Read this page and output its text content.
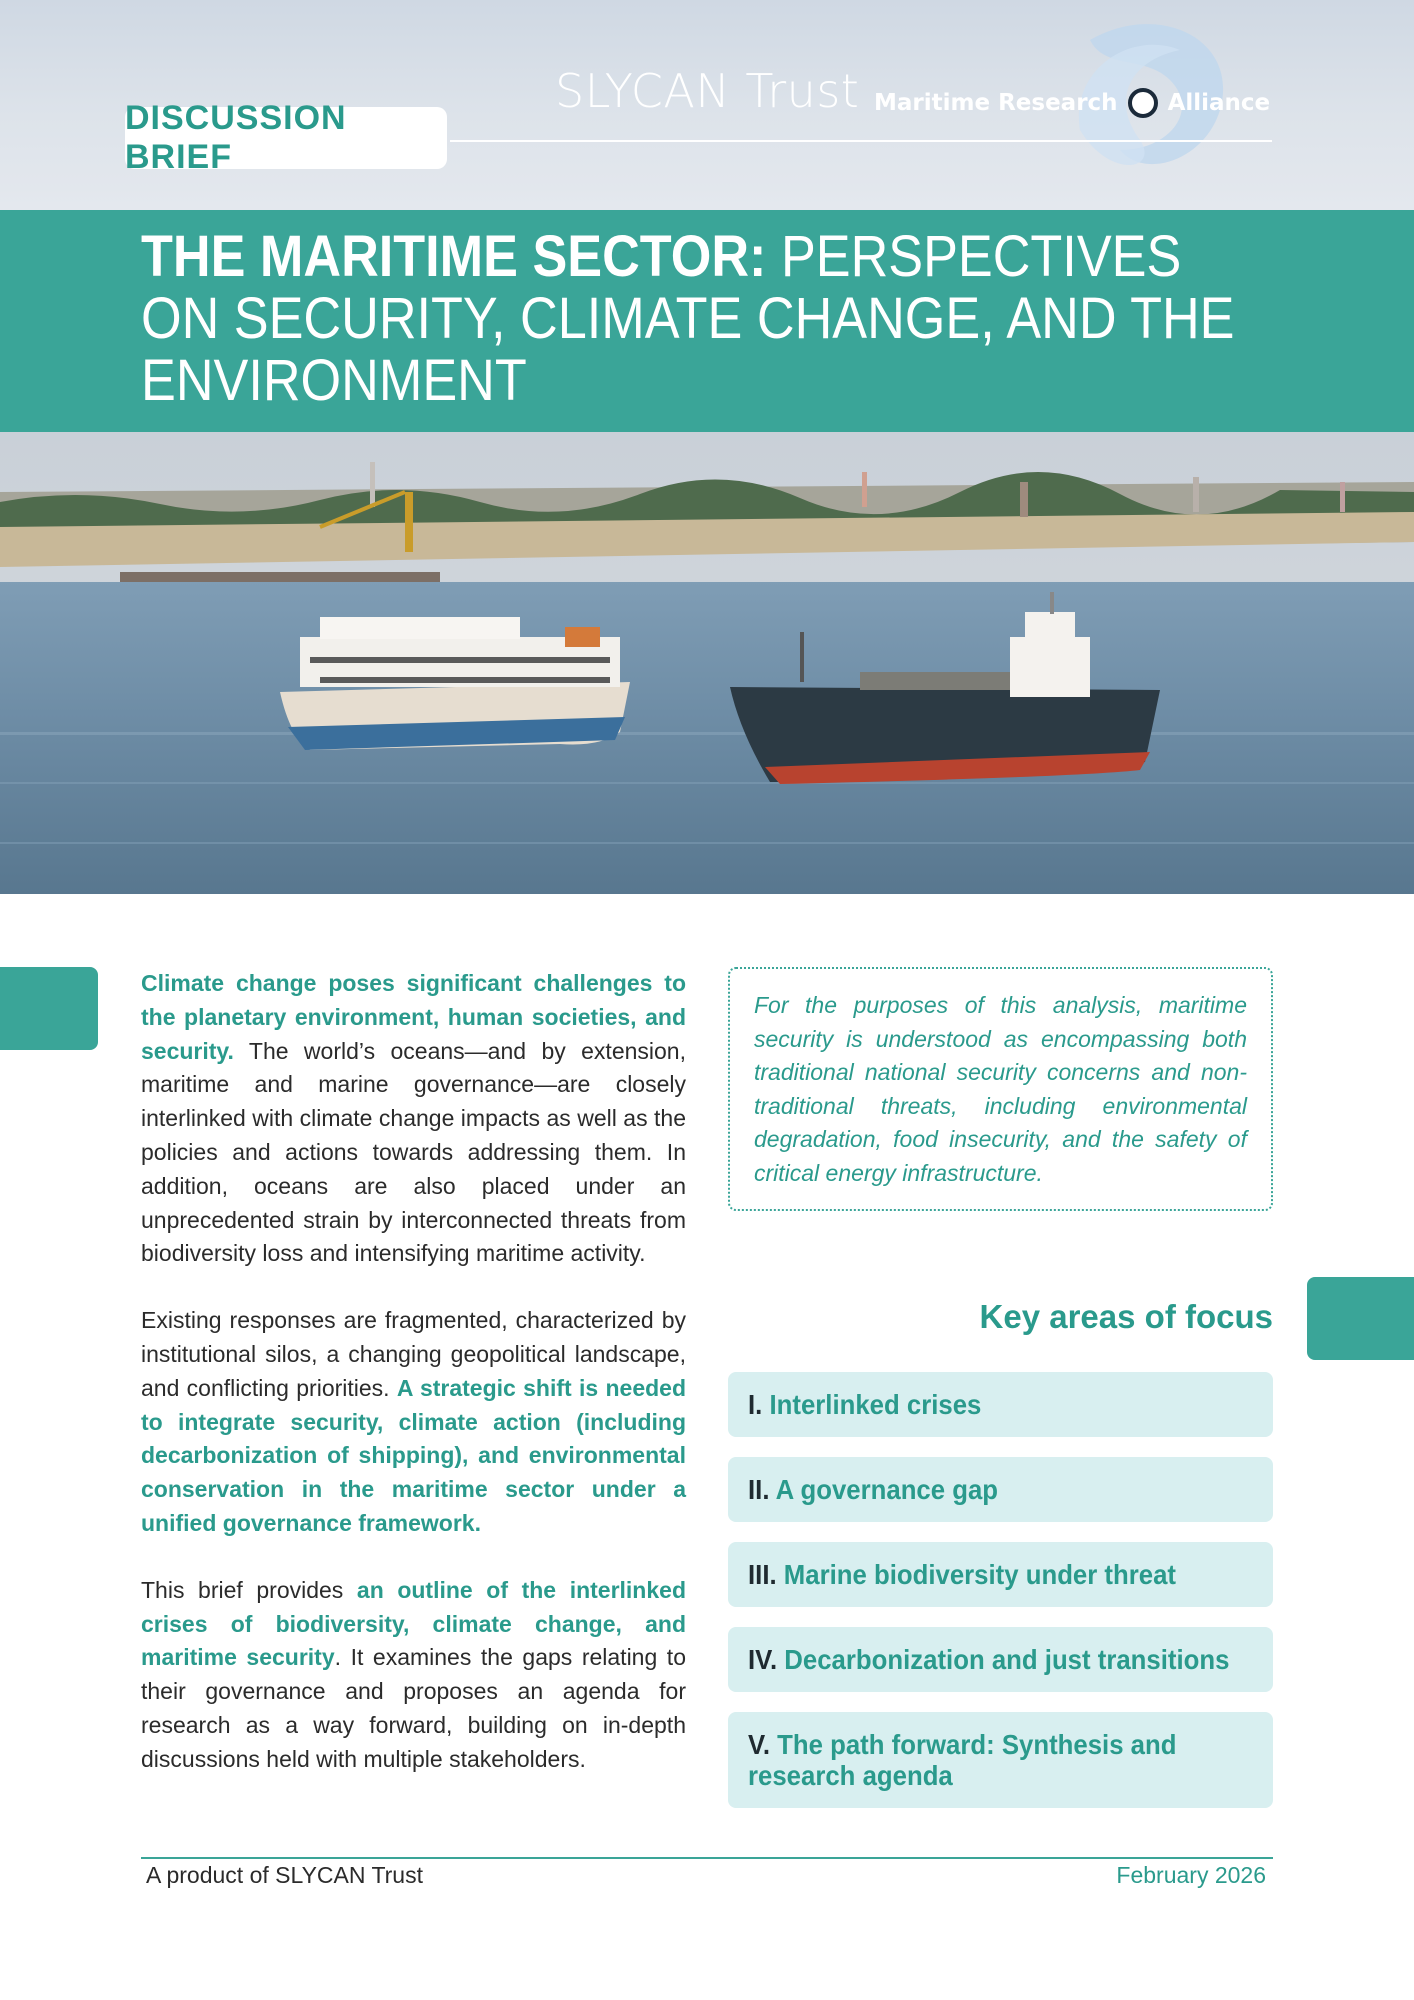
SLYCAN Trust Maritime Research Alliance
DISCUSSION BRIEF
THE MARITIME SECTOR: PERSPECTIVES ON SECURITY, CLIMATE CHANGE, AND THE ENVIRONMENT

Climate change poses significant challenges to the planetary environment, human societies, and security. The world’s oceans—and by extension, maritime and marine governance—are closely interlinked with climate change impacts as well as the policies and actions towards addressing them. In addition, oceans are also placed under an unprecedented strain by interconnected threats from biodiversity loss and intensifying maritime activity.

Existing responses are fragmented, characterized by institutional silos, a changing geopolitical landscape, and conflicting priorities. A strategic shift is needed to integrate security, climate action (including decarbonization of shipping), and environmental conservation in the maritime sector under a unified governance framework.

This brief provides an outline of the interlinked crises of biodiversity, climate change, and maritime security. It examines the gaps relating to their governance and proposes an agenda for research as a way forward, building on in-depth discussions held with multiple stakeholders.

For the purposes of this analysis, maritime security is understood as encompassing both traditional national security concerns and non-traditional threats, including environmental degradation, food insecurity, and the safety of critical energy infrastructure.
Key areas of focus
I. Interlinked crises
II. A governance gap
III. Marine biodiversity under threat
IV. Decarbonization and just transitions
V. The path forward: Synthesis and research agenda
A product of SLYCAN Trust	February 2026
